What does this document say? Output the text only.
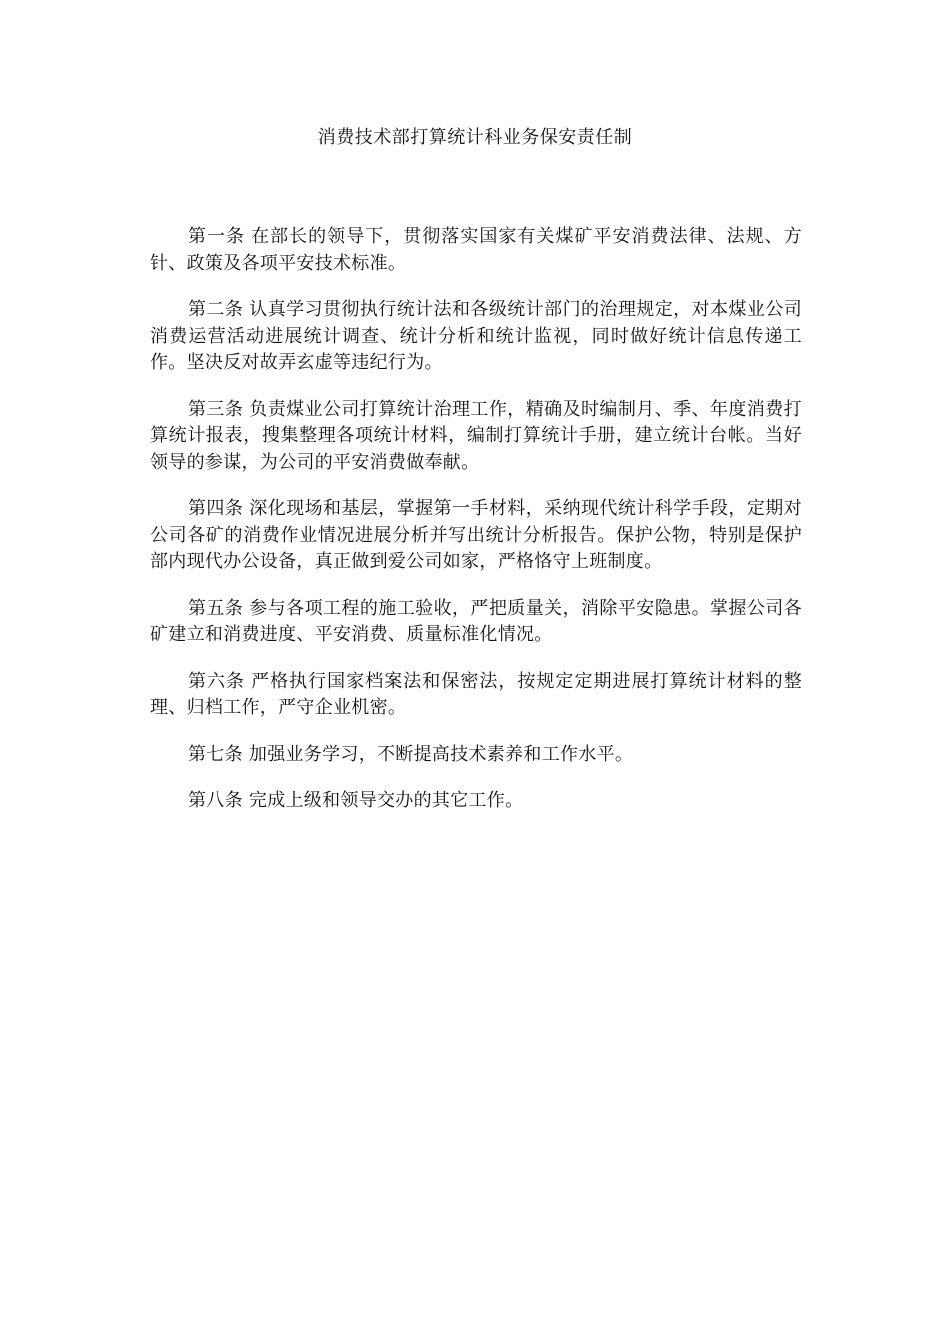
消费技术部打算统计科业务保安责任制

第一条 在部长的领导下，贯彻落实国家有关煤矿平安消费法律、法规、方针、政策及各项平安技术标准。

第二条 认真学习贯彻执行统计法和各级统计部门的治理规定，对本煤业公司消费运营活动进展统计调查、统计分析和统计监视，同时做好统计信息传递工作。坚决反对故弄玄虚等违纪行为。

第三条 负责煤业公司打算统计治理工作，精确及时编制月、季、年度消费打算统计报表，搜集整理各项统计材料，编制打算统计手册，建立统计台帐。当好领导的参谋，为公司的平安消费做奉献。

第四条 深化现场和基层，掌握第一手材料，采纳现代统计科学手段，定期对公司各矿的消费作业情况进展分析并写出统计分析报告。保护公物，特别是保护部内现代办公设备，真正做到爱公司如家，严格恪守上班制度。

第五条 参与各项工程的施工验收，严把质量关，消除平安隐患。掌握公司各矿建立和消费进度、平安消费、质量标准化情况。

第六条 严格执行国家档案法和保密法，按规定定期进展打算统计材料的整理、归档工作，严守企业机密。

第七条 加强业务学习，不断提高技术素养和工作水平。

第八条 完成上级和领导交办的其它工作。
